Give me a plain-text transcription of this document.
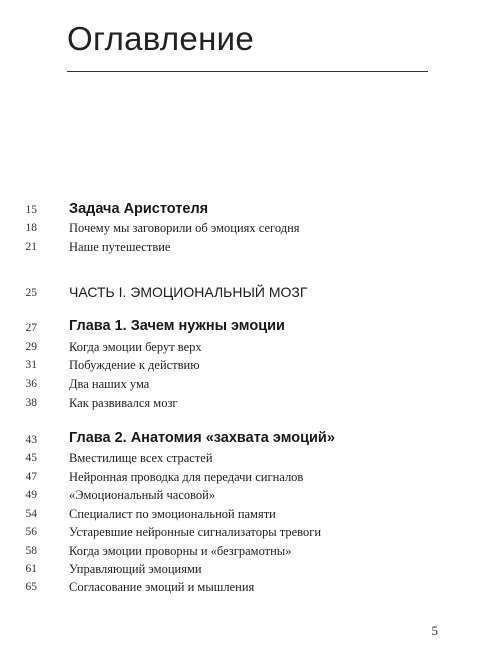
Оглавление
15 Задача Аристотеля
18	Почему мы заговорили об эмоциях сегодня
21	Наше путешествие
25 ЧАСТЬ I. ЭМОЦИОНАЛЬНЫЙ МОЗГ
27 Глава 1. Зачем нужны эмоции
29	Когда эмоции берут верх
31	Побуждение к действию
36	Два наших ума
38	Как развивался мозг
43 Глава 2. Анатомия «захвата эмоций»
45	Вместилище всех страстей
47	Нейронная проводка для передачи сигналов
49	«Эмоциональный часовой»
54	Специалист по эмоциональной памяти
56	Устаревшие нейронные сигнализаторы тревоги
58	Когда эмоции проворны и «безграмотны»
61	Управляющий эмоциями
65	Согласование эмоций и мышления
5
